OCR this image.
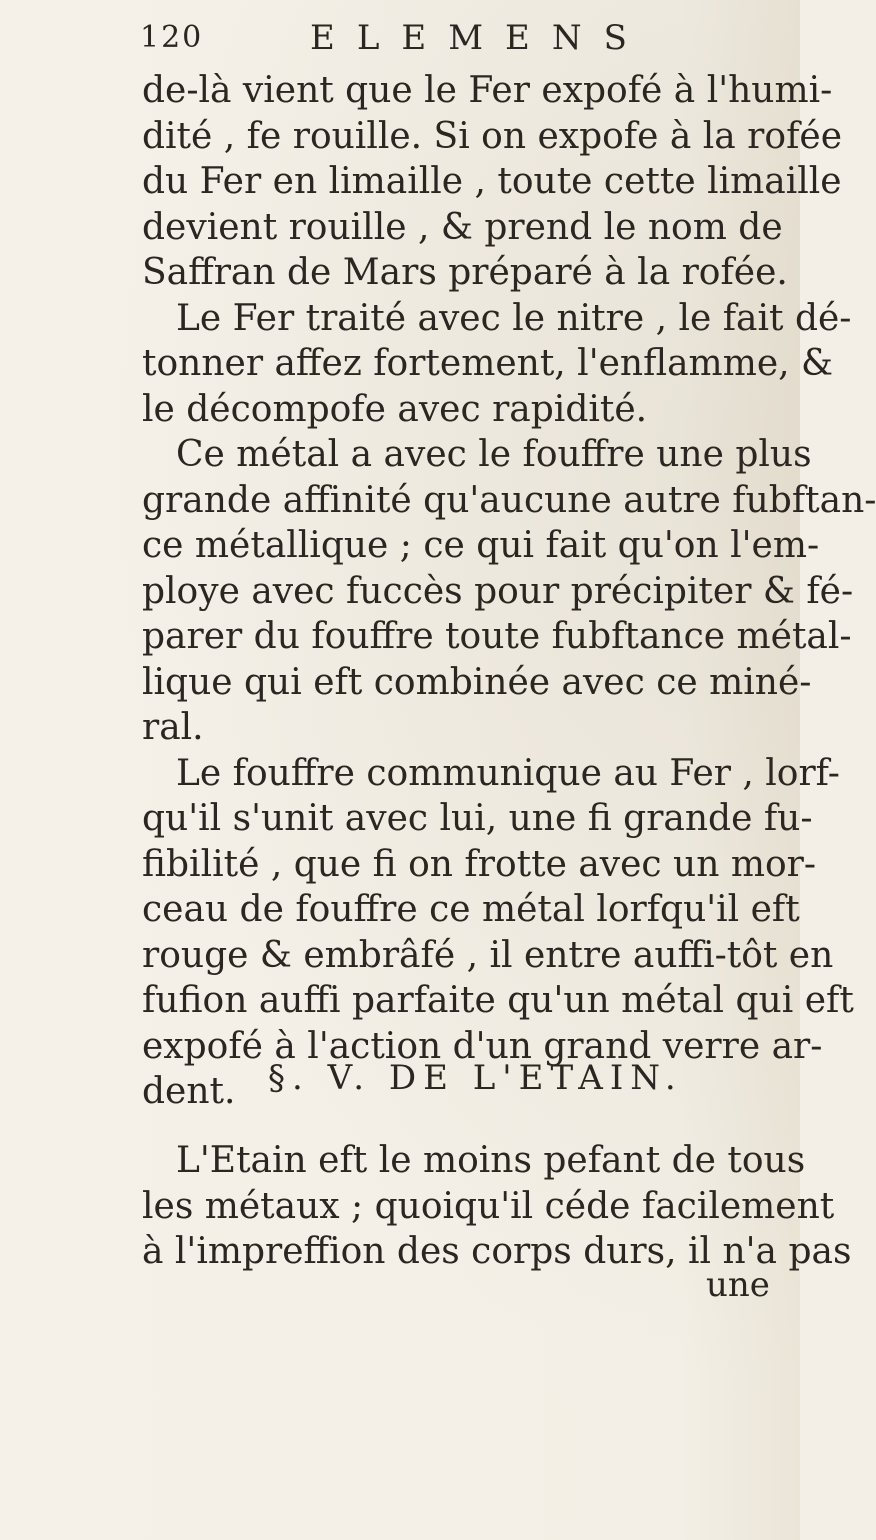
120	ELEMENS
de-là vient que le Fer expofé à l'humi-
dité , fe rouille. Si on expofe à la rofée
du Fer en limaille , toute cette limaille
devient rouille , & prend le nom de
Saffran de Mars préparé à la rofée.
Le Fer traité avec le nitre , le fait dé-
tonner affez fortement, l'enflamme, &
le décompofe avec rapidité.
Ce métal a avec le fouffre une plus
grande affinité qu'aucune autre fubftan-
ce métallique ; ce qui fait qu'on l'em-
ploye avec fuccès pour précipiter & fé-
parer du fouffre toute fubftance métal-
lique qui eft combinée avec ce miné-
ral.
Le fouffre communique au Fer , lorf-
qu'il s'unit avec lui, une fi grande fu-
fibilité , que fi on frotte avec un mor-
ceau de fouffre ce métal lorfqu'il eft
rouge & embrâfé , il entre auffi-tôt en
fufion auffi parfaite qu'un métal qui eft
expofé à l'action d'un grand verre ar-
dent. §. V. DE L'ETAIN.
L'Etain eft le moins pefant de tous
les métaux ; quoiqu'il céde facilement
à l'impreffion des corps durs, il n'a pas
une
